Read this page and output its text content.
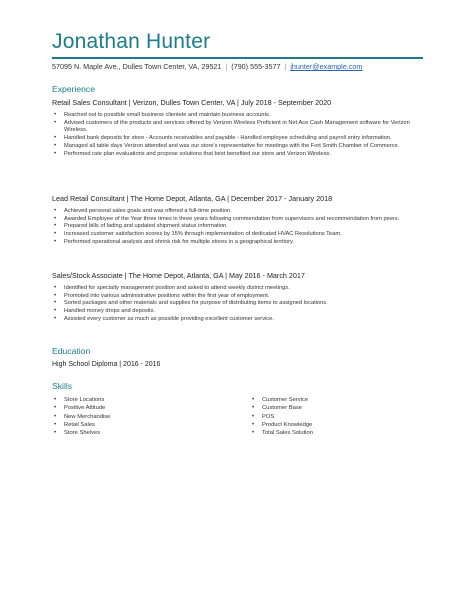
Jonathan Hunter
57095 N. Maple Ave., Dulles Town Center, VA, 29521 | (790) 555-3577 | jhunter@example.com
Experience
Retail Sales Consultant | Verizon, Dulles Town Center, VA | July 2018 - September 2020
• Reached out to possible small business clientele and maintain business accounts.
• Advised customers of the products and services offered by Verizon Wireless Proficient in Net Ace Cash Management software for Verizon Wireless.
• Handled bank deposits for store - Accounts receivables and payable - Handled employee scheduling and payroll entry information.
• Managed all table days Verizon attended and was our store's representative for meetings with the Fort Smith Chamber of Commerce.
• Performed rate plan evaluations and propose solutions that best benefited our store and Verizon Wireless.
Lead Retail Consultant | The Home Depot, Atlanta, GA | December 2017 - January 2018
• Achieved personal sales goals and was offered a full-time position.
• Awarded Employee of the Year three times in three years following commendation from supervisors and recommendation from peers.
• Prepared bills of lading and updated shipment status information.
• Increased customer satisfaction scores by 15% through implementation of dedicated HVAC Resolutions Team.
• Performed operational analysis and shrink risk for multiple stores in a geographical territory.
Sales/Stock Associate | The Home Depot, Atlanta, GA | May 2016 - March 2017
• Identified for specialty management position and asked to attend weekly district meetings.
• Promoted into various administrative positions within the first year of employment.
• Sorted packages and other materials and supplies for purpose of distributing items to assigned locations.
• Handled money drops and deposits.
• Assisted every customer as much as possible providing excellent customer service.
Education
High School Diploma | 2016 - 2016
Skills
• Store Locations
• Positive Attitude
• New Merchandise
• Retail Sales
• Store Shelves
• Customer Service
• Customer Base
• POS
• Product Knowledge
• Total Sales Solution
